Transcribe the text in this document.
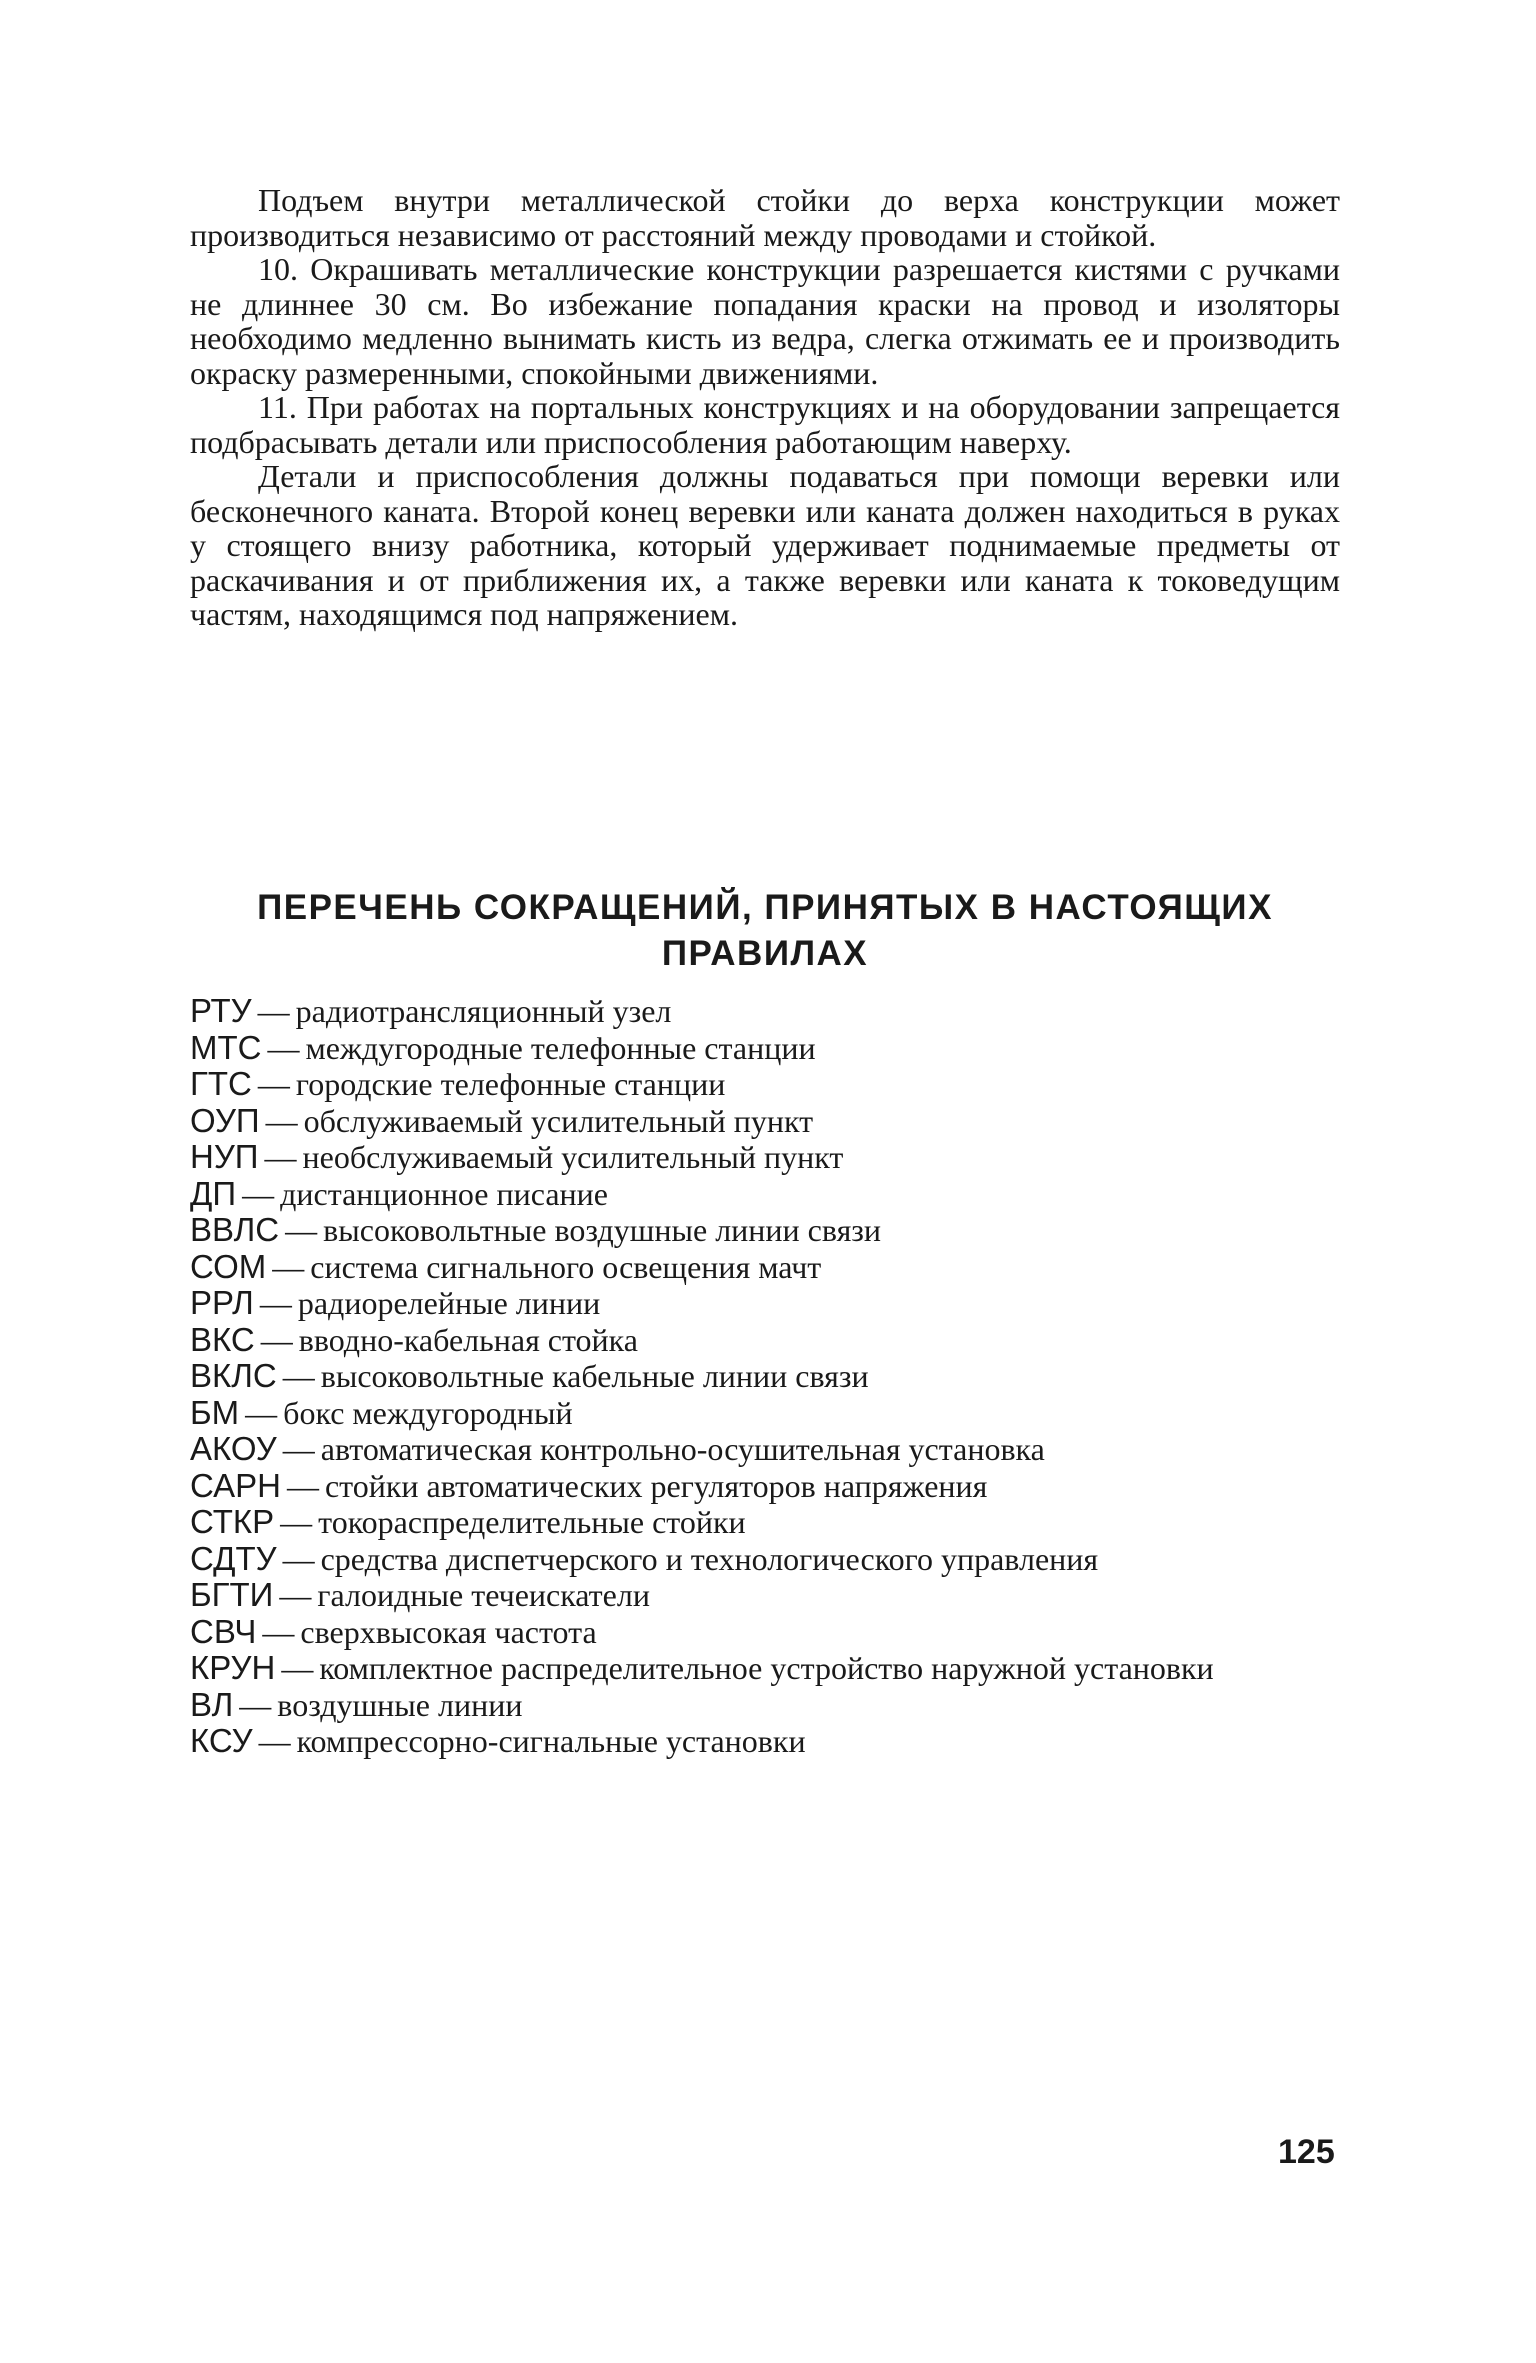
Подъем внутри металлической стойки до верха конструкции может производиться независимо от расстояний между проводами и стойкой.

10. Окрашивать металлические конструкции разрешается кистями с ручками не длиннее 30 см. Во избежание попадания краски на провод и изоляторы необходимо медленно вынимать кисть из ведра, слегка отжимать ее и производить окраску размеренными, спокойными движениями.

11. При работах на портальных конструкциях и на оборудовании запрещается подбрасывать детали или приспособления работающим наверху.

Детали и приспособления должны подаваться при помощи веревки или бесконечного каната. Второй конец веревки или каната должен находиться в руках у стоящего внизу работника, который удерживает поднимаемые предметы от раскачивания и от приближения их, а также веревки или каната к токоведущим частям, находящимся под напряжением.

ПЕРЕЧЕНЬ СОКРАЩЕНИЙ, ПРИНЯТЫХ В НАСТОЯЩИХ ПРАВИЛАХ
РТУ — радиотрансляционный узел
МТС — междугородные телефонные станции
ГТС — городские телефонные станции
ОУП — обслуживаемый усилительный пункт
НУП — необслуживаемый усилительный пункт
ДП — дистанционное писание
ВВЛС — высоковольтные воздушные линии связи
СОМ — система сигнального освещения мачт
РРЛ — радиорелейные линии
ВКС — вводно-кабельная стойка
ВКЛС — высоковольтные кабельные линии связи
БМ — бокс междугородный
АКОУ — автоматическая контрольно-осушительная установка
САРН — стойки автоматических регуляторов напряжения
СТКР — токораспределительные стойки
СДТУ — средства диспетчерского и технологического управления
БГТИ — галоидные течеискатели
СВЧ — сверхвысокая частота
КРУН — комплектное распределительное устройство наружной установки
ВЛ — воздушные линии
КСУ — компрессорно-сигнальные установки

125
